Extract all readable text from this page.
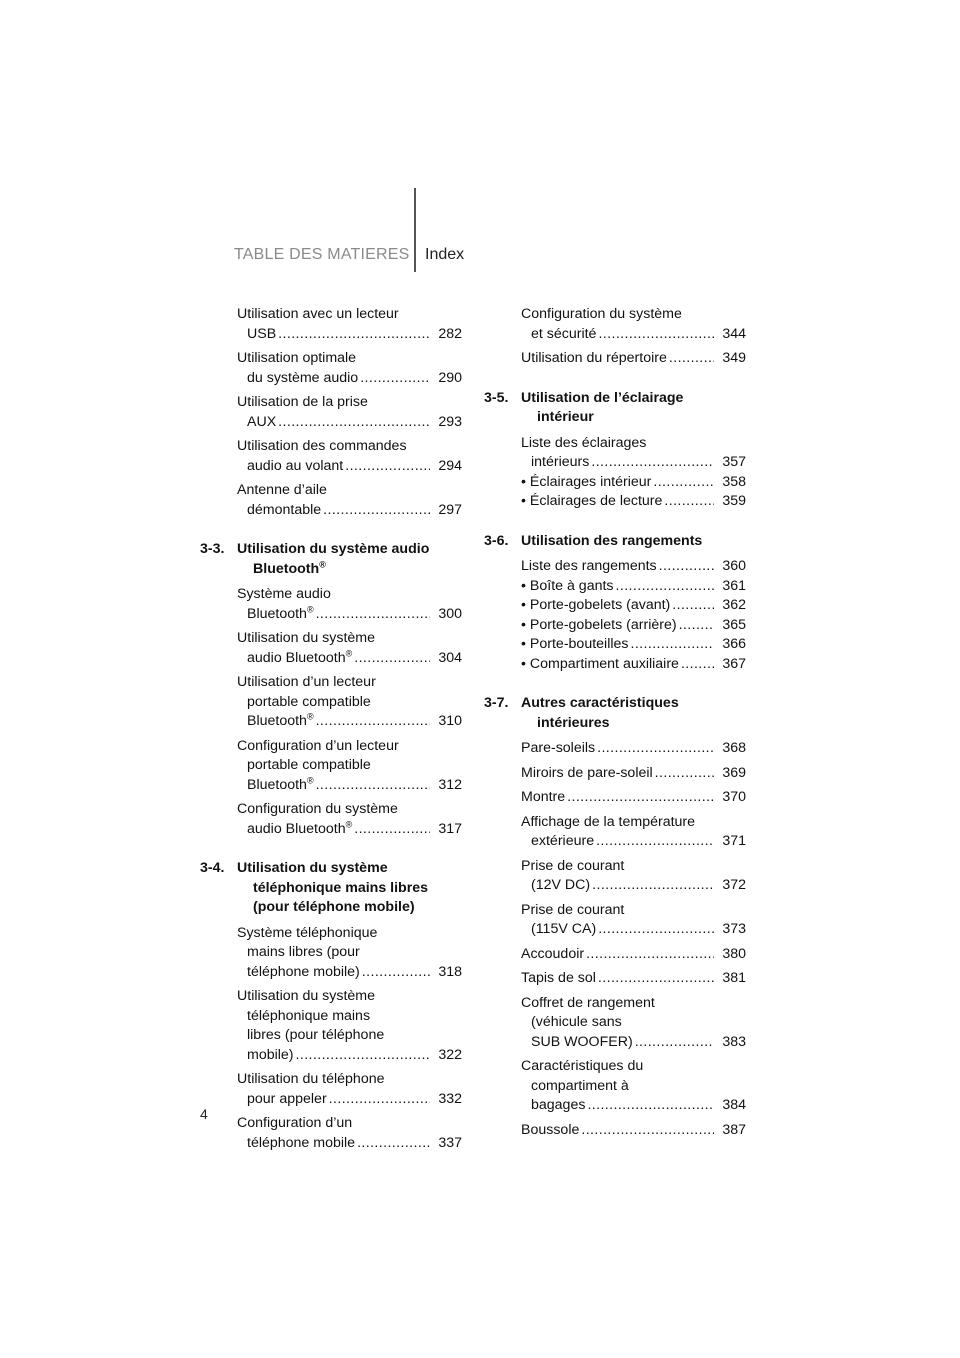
TABLE DES MATIERES Index
Utilisation avec un lecteur
USB .....	282
Utilisation optimale
du système audio .....	290
Utilisation de la prise
AUX .....	293
Utilisation des commandes
audio au volant .....	294
Antenne d’aile
démontable .....	297
3-3. Utilisation du système audio
Bluetooth®
Système audio
Bluetooth® .....	300
Utilisation du système
audio Bluetooth® .....	304
Utilisation d’un lecteur
portable compatible
Bluetooth® .....	310
Configuration d’un lecteur
portable compatible
Bluetooth® .....	312
Configuration du système
audio Bluetooth® .....	317
3-4. Utilisation du système
téléphonique mains libres
(pour téléphone mobile)
Système téléphonique
mains libres (pour
téléphone mobile) .....	318
Utilisation du système
téléphonique mains
libres (pour téléphone
mobile) .....	322
Utilisation du téléphone
pour appeler .....	332
Configuration d’un
téléphone mobile .....	337
Configuration du système
et sécurité .....	344
Utilisation du répertoire .....	349
3-5. Utilisation de l’éclairage
intérieur
Liste des éclairages
intérieurs .....	357
• Éclairages intérieur .....	358
• Éclairages de lecture .....	359
3-6. Utilisation des rangements
Liste des rangements .....	360
• Boîte à gants .....	361
• Porte-gobelets (avant) .....	362
• Porte-gobelets (arrière) .....	365
• Porte-bouteilles .....	366
• Compartiment auxiliaire .....	367
3-7. Autres caractéristiques
intérieures
Pare-soleils .....	368
Miroirs de pare-soleil .....	369
Montre .....	370
Affichage de la température
extérieure .....	371
Prise de courant
(12V DC) .....	372
Prise de courant
(115V CA) .....	373
Accoudoir .....	380
Tapis de sol .....	381
Coffret de rangement
(véhicule sans
SUB WOOFER) .....	383
Caractéristiques du
compartiment à
bagages .....	384
Boussole .....	387
4
